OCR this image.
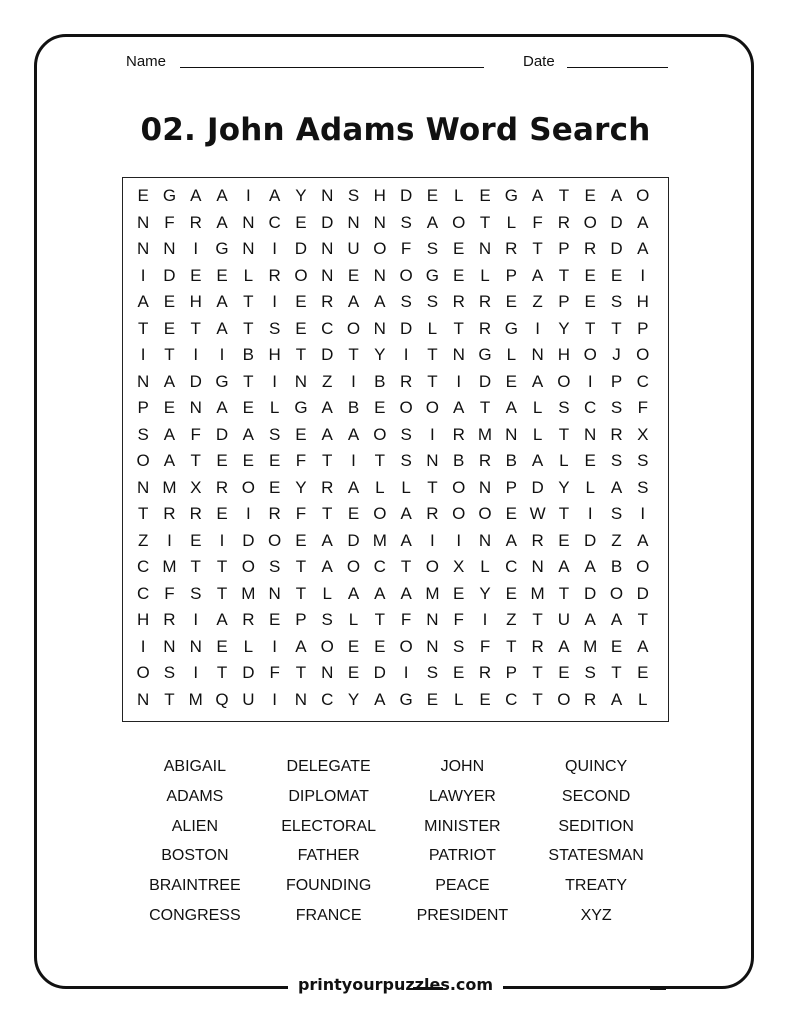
Name	Date
02. John Adams Word Search
E G A A	I	A Y N S H D E L E G A T E A O
N F R A N C E D N N S A O T L F R O D A
N N	I	G N	I	D N U O F S E N R T P R D A
I	D E E L R O N E N O G E L P A T E E	I
A E H A T	I	E R A A S S R R E Z P E S H
T E T A T S E C O N D L T R G	I	Y T T P
I	T	I	I	B H T D T Y	I	T N G L N H O J O
N A D G T	I	N Z	I	B R T	I	D E A O	I	P C
P E N A E L G A B E O O A T A L S C S F
S A F D A S E A A O S	I	R M N L T N R X
O A T E E E F T	I	T S N B R B A L E S S
N M X R O E Y R A L L T O N P D Y L A S
T R R E	I	R F T E O A R O O E W T	I	S	I
Z	I	E	I	D O E A D M A	I	I	N A R E D Z A
C M T T O S T A O C T O X L C N A A B O
C F S T M N T L A A A M E Y E M T D O D
H R	I	A R E P S L T F N F	I	Z T U A A T
I	N N E L	I	A O E E O N S F T R A M E A
O S	I	T D F T N E D	I	S E R P T E S T E
N T M Q U	I	N C Y A G E L E C T O R A L
ABIGAIL	DELEGATE	JOHN	QUINCY
ADAMS	DIPLOMAT	LAWYER	SECOND
ALIEN	ELECTORAL	MINISTER	SEDITION
BOSTON	FATHER	PATRIOT	STATESMAN
BRAINTREE	FOUNDING	PEACE	TREATY
CONGRESS	FRANCE	PRESIDENT	XYZ
printyourpuzzles.com
